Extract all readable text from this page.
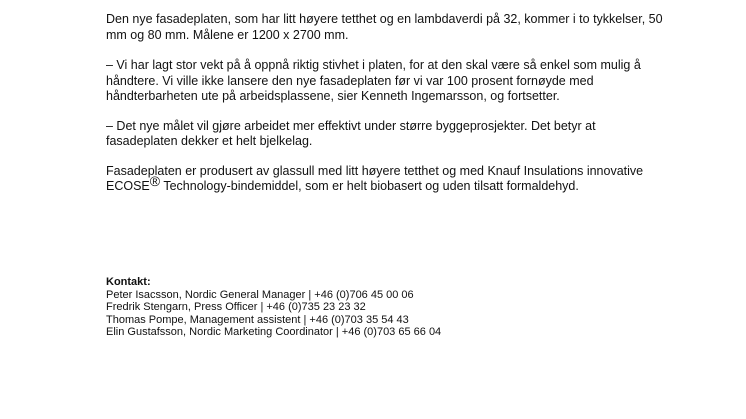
Den nye fasadeplaten, som har litt høyere tetthet og en lambdaverdi på 32, kommer i to tykkelser, 50 mm og 80 mm. Målene er 1200 x 2700 mm.

– Vi har lagt stor vekt på å oppnå riktig stivhet i platen, for at den skal være så enkel som mulig å håndtere. Vi ville ikke lansere den nye fasadeplaten før vi var 100 prosent fornøyde med håndterbarheten ute på arbeidsplassene, sier Kenneth Ingemarsson, og fortsetter.

– Det nye målet vil gjøre arbeidet mer effektivt under større byggeprosjekter. Det betyr at fasadeplaten dekker et helt bjelkelag.

Fasadeplaten er produsert av glassull med litt høyere tetthet og med Knauf Insulations innovative ECOSE® Technology-bindemiddel, som er helt biobasert og uden tilsatt formaldehyd.

Kontakt:
Peter Isacsson, Nordic General Manager | +46 (0)706 45 00 06
Fredrik Stengarn, Press Officer | +46 (0)735 23 23 32
Thomas Pompe, Management assistent | +46 (0)703 35 54 43
Elin Gustafsson, Nordic Marketing Coordinator | +46 (0)703 65 66 04
